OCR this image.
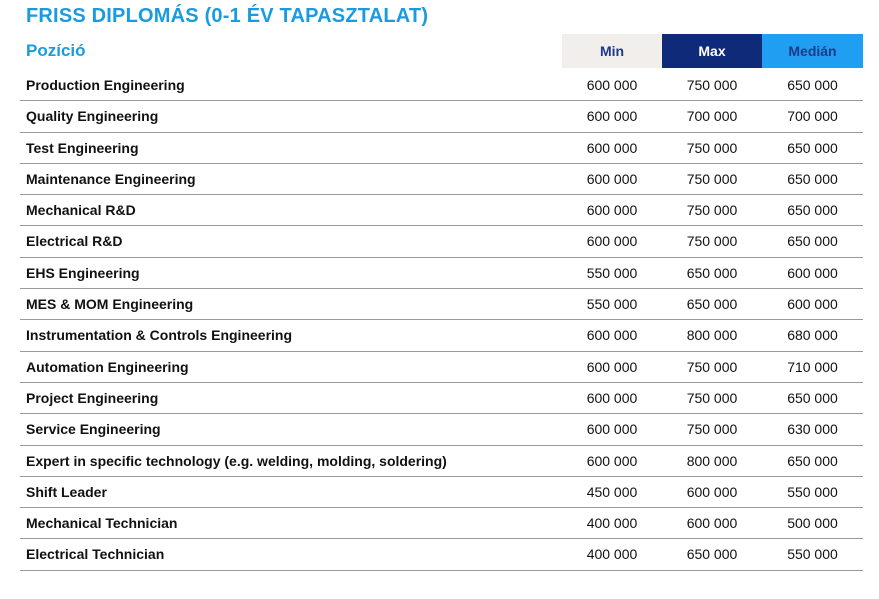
FRISS DIPLOMÁS (0-1 ÉV TAPASZTALAT)
Pozíció	Min	Max	Medián
Production Engineering	600 000	750 000	650 000
Quality Engineering	600 000	700 000	700 000
Test Engineering	600 000	750 000	650 000
Maintenance Engineering	600 000	750 000	650 000
Mechanical R&D	600 000	750 000	650 000
Electrical R&D	600 000	750 000	650 000
EHS Engineering	550 000	650 000	600 000
MES & MOM Engineering	550 000	650 000	600 000
Instrumentation & Controls Engineering	600 000	800 000	680 000
Automation Engineering	600 000	750 000	710 000
Project Engineering	600 000	750 000	650 000
Service Engineering	600 000	750 000	630 000
Expert in specific technology (e.g. welding, molding, soldering)	600 000	800 000	650 000
Shift Leader	450 000	600 000	550 000
Mechanical Technician	400 000	600 000	500 000
Electrical Technician	400 000	650 000	550 000
